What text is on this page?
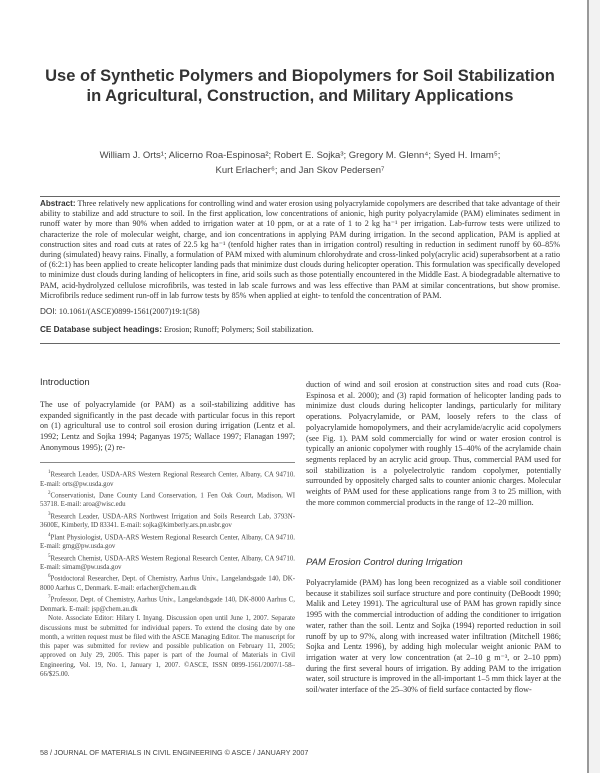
Use of Synthetic Polymers and Biopolymers for Soil Stabilization in Agricultural, Construction, and Military Applications
William J. Orts¹; Alicerno Roa-Espinosa²; Robert E. Sojka³; Gregory M. Glenn⁴; Syed H. Imam⁵;
Kurt Erlacher⁶; and Jan Skov Pedersen⁷
Abstract: Three relatively new applications for controlling wind and water erosion using polyacrylamide copolymers are described that take advantage of their ability to stabilize and add structure to soil. In the first application, low concentrations of anionic, high purity polyacrylamide (PAM) eliminates sediment in runoff water by more than 90% when added to irrigation water at 10 ppm, or at a rate of 1 to 2 kg ha⁻¹ per irrigation. Lab-furrow tests were utilized to characterize the role of molecular weight, charge, and ion concentrations in applying PAM during irrigation. In the second application, PAM is applied at construction sites and road cuts at rates of 22.5 kg ha⁻¹ (tenfold higher rates than in irrigation control) resulting in reduction in sediment runoff by 60–85% during (simulated) heavy rains. Finally, a formulation of PAM mixed with aluminum chlorohydrate and cross-linked poly(acrylic acid) superabsorbent at a ratio of (6:2:1) has been applied to create helicopter landing pads that minimize dust clouds during helicopter operation. This formulation was specifically developed to minimize dust clouds during landing of helicopters in fine, arid soils such as those potentially encountered in the Middle East. A biodegradable alternative to PAM, acid-hydrolyzed cellulose microfibrils, was tested in lab scale furrows and was less effective than PAM at similar concentrations, but show promise. Microfibrils reduce sediment run-off in lab furrow tests by 85% when applied at eight- to tenfold the concentration of PAM.
DOI: 10.1061/(ASCE)0899-1561(2007)19:1(58)
CE Database subject headings: Erosion; Runoff; Polymers; Soil stabilization.
Introduction
The use of polyacrylamide (or PAM) as a soil-stabilizing additive has expanded significantly in the past decade with particular focus in this report on (1) agricultural use to control soil erosion during irrigation (Lentz et al. 1992; Lentz and Sojka 1994; Paganyas 1975; Wallace 1997; Flanagan 1997; Anonymous 1995); (2) re-

$^1$Research Leader, USDA-ARS Western Regional Research Center, Albany, CA 94710. E-mail: orts@pw.usda.gov

$^2$Conservationist, Dane County Land Conservation, 1 Fen Oak Court, Madison, WI 53718. E-mail: aroa@wisc.edu

$^3$Research Leader, USDA-ARS Northwest Irrigation and Soils Research Lab, 3793N-3600E, Kimberly, ID 83341. E-mail: sojka@kimberly.ars.pn.usbr.gov

$^4$Plant Physiologist, USDA-ARS Western Regional Research Center, Albany, CA 94710. E-mail: gmg@pw.usda.gov

$^5$Research Chemist, USDA-ARS Western Regional Research Center, Albany, CA 94710. E-mail: simam@pw.usda.gov

$^6$Postdoctoral Researcher, Dept. of Chemistry, Aarhus Univ., Langelandsgade 140, DK-8000 Aarhus C, Denmark. E-mail: erlacher@chem.au.dk

$^7$Professor, Dept. of Chemistry, Aarhus Univ., Langelandsgade 140, DK-8000 Aarhus C, Denmark. E-mail: jsp@chem.au.dk

Note. Associate Editor: Hilary I. Inyang. Discussion open until June 1, 2007. Separate discussions must be submitted for individual papers. To extend the closing date by one month, a written request must be filed with the ASCE Managing Editor. The manuscript for this paper was submitted for review and possible publication on February 11, 2005; approved on July 29, 2005. This paper is part of the Journal of Materials in Civil Engineering, Vol. 19, No. 1, January 1, 2007. ©ASCE, ISSN 0899-1561/2007/1-58–66/$25.00.

duction of wind and soil erosion at construction sites and road cuts (Roa-Espinosa et al. 2000); and (3) rapid formation of helicopter landing pads to minimize dust clouds during helicopter landings, particularly for military operations. Polyacrylamide, or PAM, loosely refers to the class of polyacrylamide homopolymers, and their acrylamide/acrylic acid copolymers (see Fig. 1). PAM sold commercially for wind or water erosion control is typically an anionic copolymer with roughly 15–40% of the acrylamide chain segments replaced by an acrylic acid group. Thus, commercial PAM used for soil stabilization is a polyelectrolytic random copolymer, potentially surrounded by oppositely charged salts to counter anionic charges. Molecular weights of PAM used for these applications range from 3 to 25 million, with the more common commercial products in the range of 12–20 million.
PAM Erosion Control during Irrigation
Polyacrylamide (PAM) has long been recognized as a viable soil conditioner because it stabilizes soil surface structure and pore continuity (DeBoodt 1990; Malik and Letey 1991). The agricultural use of PAM has grown rapidly since 1995 with the commercial introduction of adding the conditioner to irrigation water, rather than the soil. Lentz and Sojka (1994) reported reduction in soil runoff by up to 97%, along with increased water infiltration (Mitchell 1986; Sojka and Lentz 1996), by adding high molecular weight anionic PAM to irrigation water at very low concentration (at 2–10 g m⁻³, or 2–10 ppm) during the first several hours of irrigation. By adding PAM to the irrigation water, soil structure is improved in the all-important 1–5 mm thick layer at the soil/water interface of the 25–30% of field surface contacted by flow-
58 / JOURNAL OF MATERIALS IN CIVIL ENGINEERING © ASCE / JANUARY 2007
